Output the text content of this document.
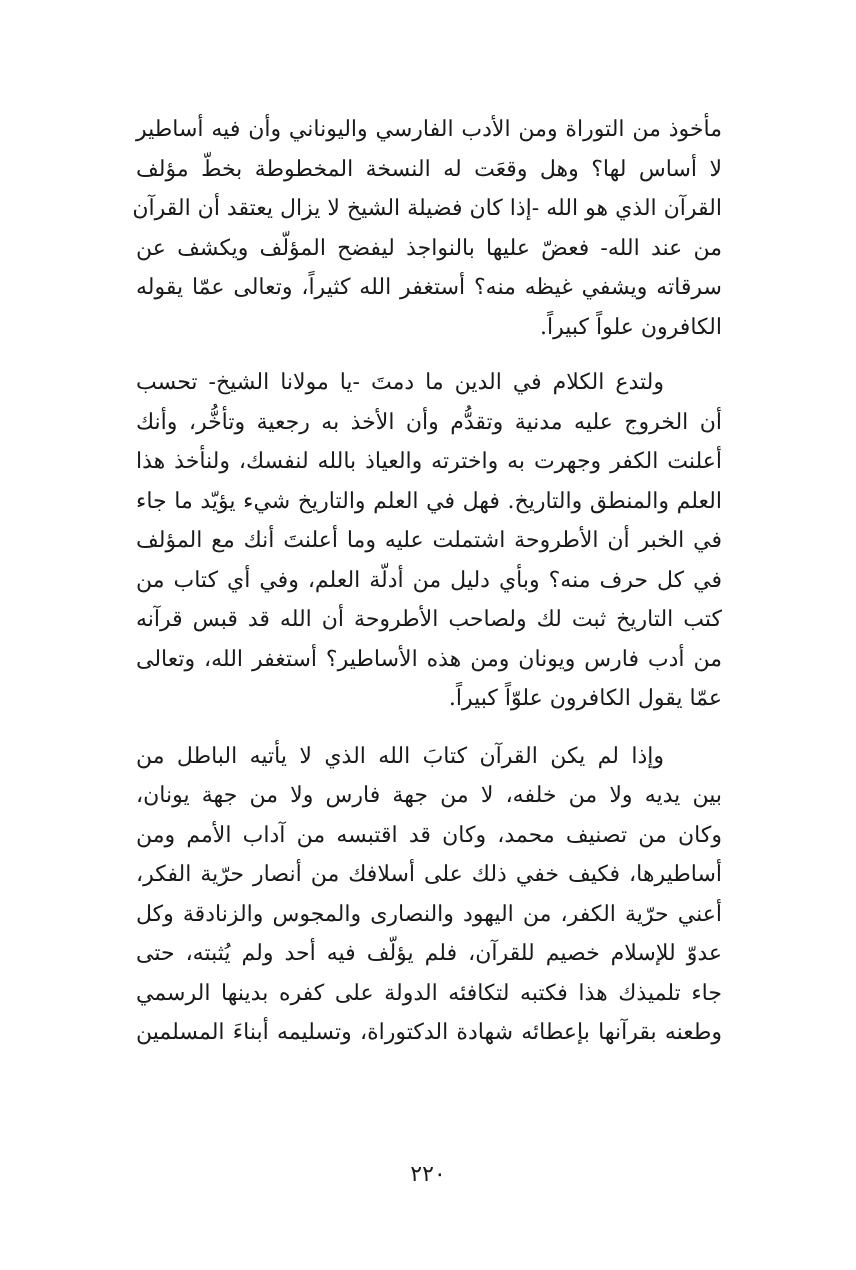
مأخوذ من التوراة ومن الأدب الفارسي واليوناني وأن فيه أساطير
لا أساس لها؟ وهل وقعَت له النسخة المخطوطة بخطّ مؤلف
القرآن الذي هو الله -إذا كان فضيلة الشيخ لا يزال يعتقد أن القرآن
من عند الله- فعضّ عليها بالنواجذ ليفضح المؤلّف ويكشف عن
سرقاته ويشفي غيظه منه؟ أستغفر الله كثيراً، وتعالى عمّا يقوله
الكافرون علواً كبيراً.
ولتدع الكلام في الدين ما دمتَ -يا مولانا الشيخ- تحسب
أن الخروج عليه مدنية وتقدُّم وأن الأخذ به رجعية وتأخُّر، وأنك
أعلنت الكفر وجهرت به واخترته والعياذ بالله لنفسك، ولنأخذ هذا
العلم والمنطق والتاريخ. فهل في العلم والتاريخ شيء يؤيّد ما جاء
في الخبر أن الأطروحة اشتملت عليه وما أعلنتَ أنك مع المؤلف
في كل حرف منه؟ وبأي دليل من أدلّة العلم، وفي أي كتاب من
كتب التاريخ ثبت لك ولصاحب الأطروحة أن الله قد قبس قرآنه
من أدب فارس ويونان ومن هذه الأساطير؟ أستغفر الله، وتعالى
عمّا يقول الكافرون علوّاً كبيراً.
وإذا لم يكن القرآن كتابَ الله الذي لا يأتيه الباطل من
بين يديه ولا من خلفه، لا من جهة فارس ولا من جهة يونان،
وكان من تصنيف محمد، وكان قد اقتبسه من آداب الأمم ومن
أساطيرها، فكيف خفي ذلك على أسلافك من أنصار حرّية الفكر،
أعني حرّية الكفر، من اليهود والنصارى والمجوس والزنادقة وكل
عدوّ للإسلام خصيم للقرآن، فلم يؤلّف فيه أحد ولم يُثبته، حتى
جاء تلميذك هذا فكتبه لتكافئه الدولة على كفره بدينها الرسمي
وطعنه بقرآنها بإعطائه شهادة الدكتوراة، وتسليمه أبناءَ المسلمين
٢٢٠
